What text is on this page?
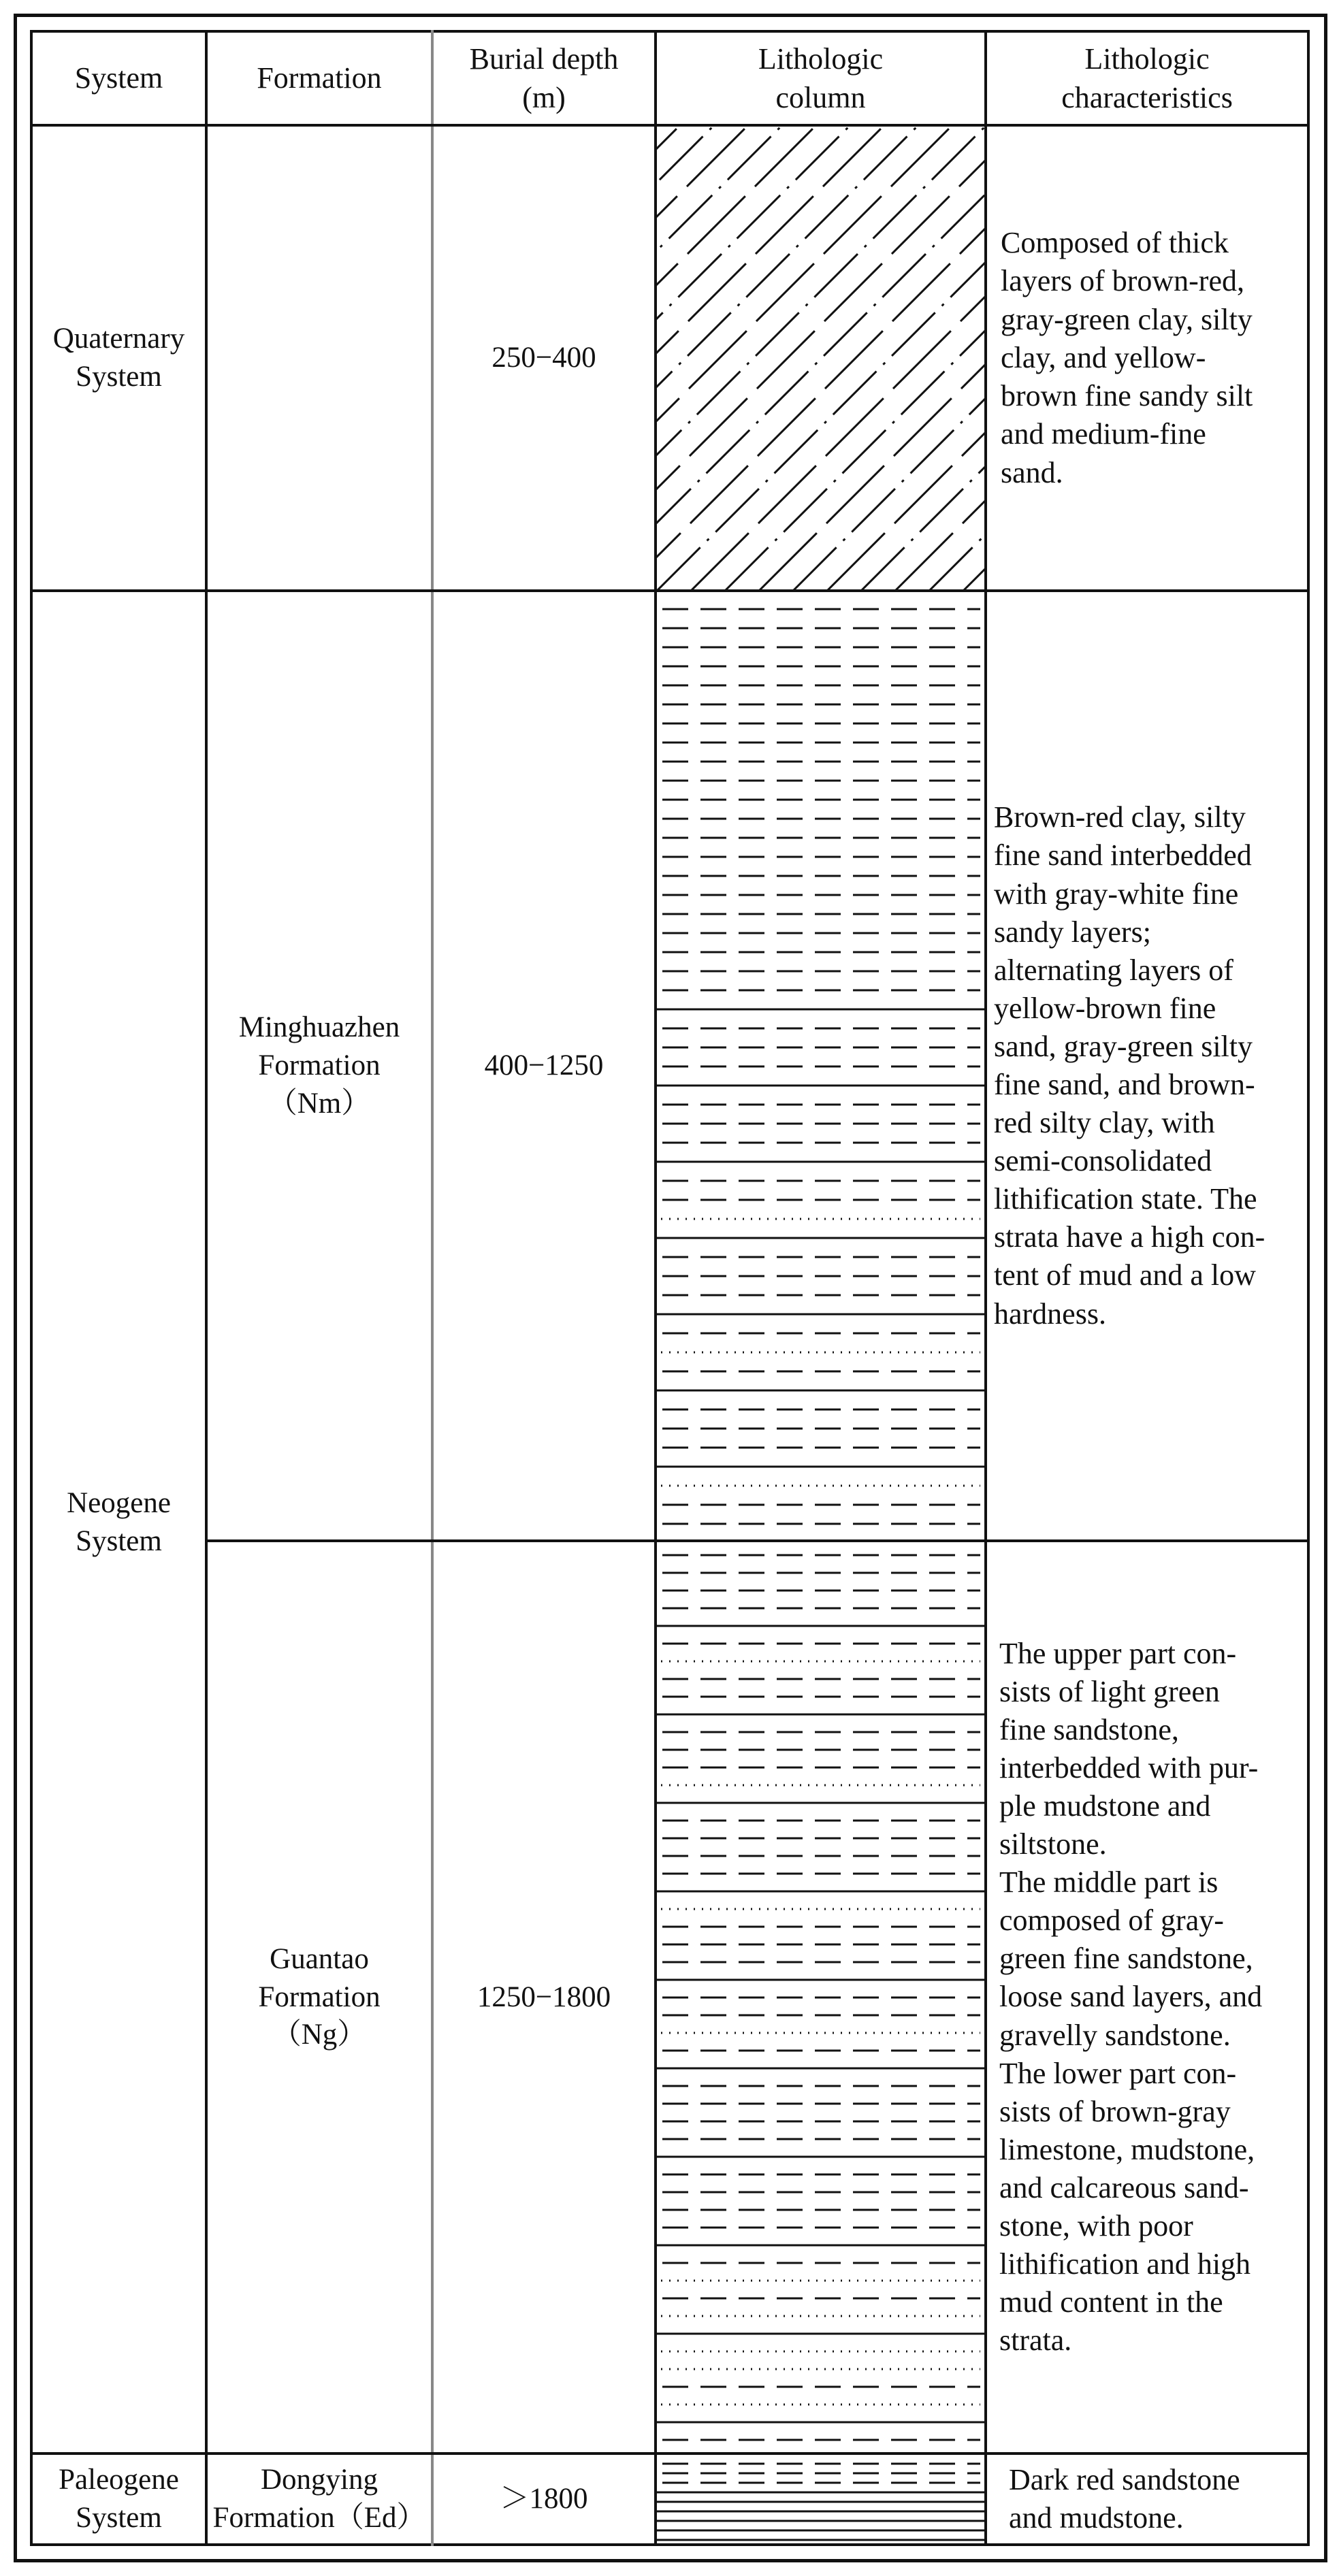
System	Formation
Burial depth
(m)
Lithologic
column
Lithologic
characteristics
Quaternary
System
Neogene
System
Paleogene
System
Minghuazhen
Formation
（Nm）
Guantao
Formation
（Ng）
Dongying
Formation（Ed）
250−400
400−1250
1250−1800
＞1800
Composed of thick
layers of brown-red,
gray-green clay, silty
clay, and yellow-
brown fine sandy silt
and medium-fine
sand.
Brown-red clay, silty
fine sand interbedded
with gray-white fine
sandy layers;
alternating layers of
yellow-brown fine
sand, gray-green silty
fine sand, and brown-
red silty clay, with
semi-consolidated
lithification state. The
strata have a high con-
tent of mud and a low
hardness.
The upper part con-
sists of light green
fine sandstone,
interbedded with pur-
ple mudstone and
siltstone.
The middle part is
composed of gray-
green fine sandstone,
loose sand layers, and
gravelly sandstone.
The lower part con-
sists of brown-gray
limestone, mudstone,
and calcareous sand-
stone, with poor
lithification and high
mud content in the
strata.
Dark red sandstone
and mudstone.
